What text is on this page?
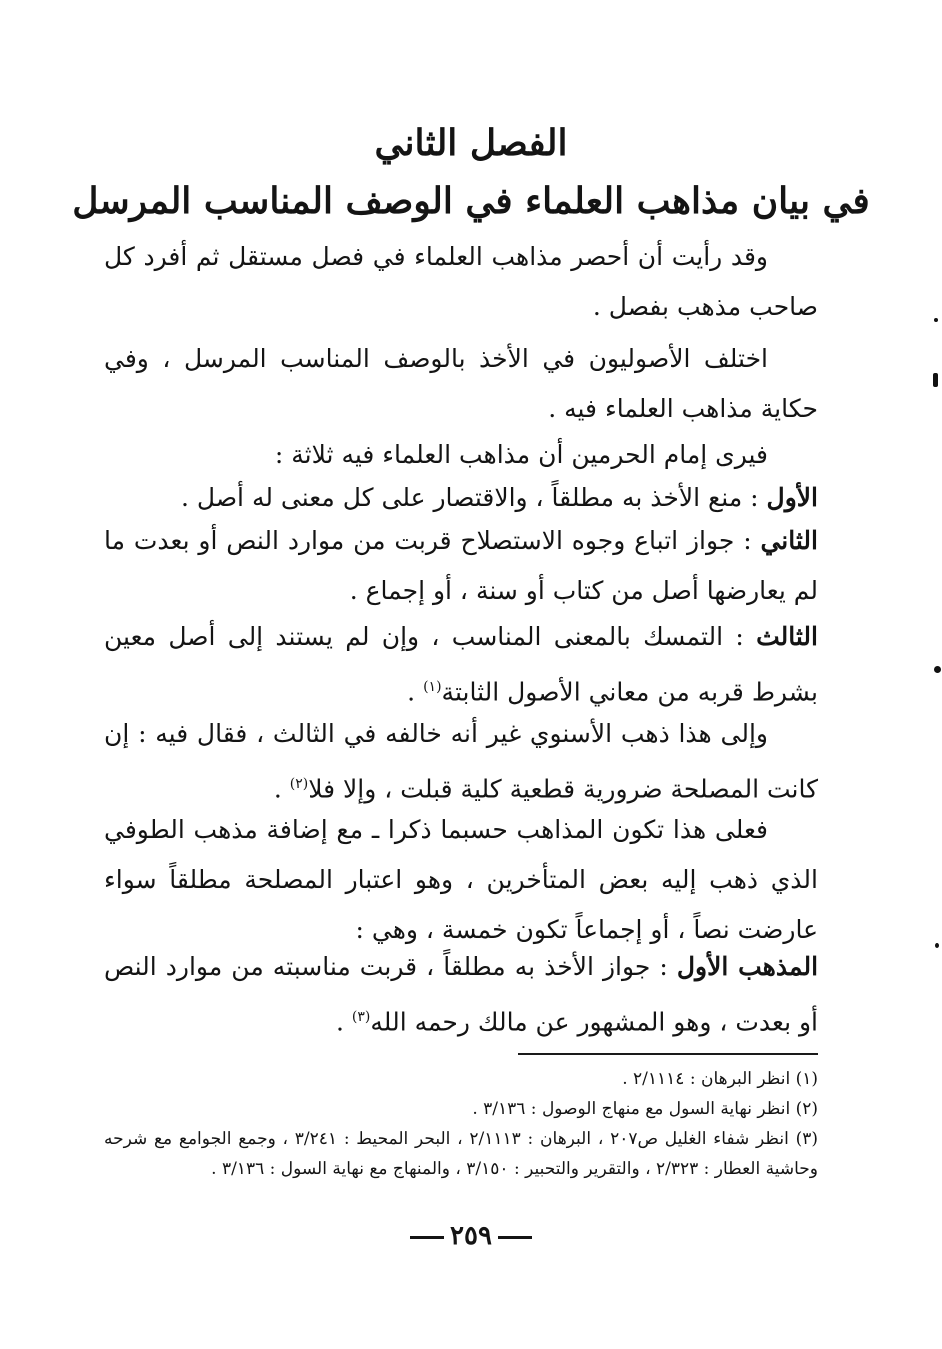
الفصل الثاني
في بيان مذاهب العلماء في الوصف المناسب المرسل

وقد رأيت أن أحصر مذاهب العلماء في فصل مستقل ثم أفرد كل صاحب مذهب بفصل .

اختلف الأصوليون في الأخذ بالوصف المناسب المرسل ، وفي حكاية مذاهب العلماء فيه .

فيرى إمام الحرمين أن مذاهب العلماء فيه ثلاثة :

الأول : منع الأخذ به مطلقاً ، والاقتصار على كل معنى له أصل .

الثاني : جواز اتباع وجوه الاستصلاح قربت من موارد النص أو بعدت ما لم يعارضها أصل من كتاب أو سنة ، أو إجماع .

الثالث : التمسك بالمعنى المناسب ، وإن لم يستند إلى أصل معين بشرط قربه من معاني الأصول الثابتة$^{(١)}$ .

وإلى هذا ذهب الأسنوي غير أنه خالفه في الثالث ، فقال فيه : إن كانت المصلحة ضرورية قطعية كلية قبلت ، وإلا فلا$^{(٢)}$ .

فعلى هذا تكون المذاهب حسبما ذكرا ـ مع إضافة مذهب الطوفي الذي ذهب إليه بعض المتأخرين ، وهو اعتبار المصلحة مطلقاً سواء عارضت نصاً ، أو إجماعاً تكون خمسة ، وهي :

المذهب الأول : جواز الأخذ به مطلقاً ، قربت مناسبته من موارد النص أو بعدت ، وهو المشهور عن مالك رحمه الله$^{(٣)}$ .

(١) انظر البرهان : ٢/١١١٤ .
(٢) انظر نهاية السول مع منهاج الوصول : ٣/١٣٦ .
(٣) انظر شفاء الغليل ص٢٠٧ ، البرهان : ٢/١١١٣ ، البحر المحيط : ٣/٢٤١ ، وجمع الجوامع مع شرحه وحاشية العطار : ٢/٣٢٣ ، والتقرير والتحبير : ٣/١٥٠ ، والمنهاج مع نهاية السول : ٣/١٣٦ .
٢٥٩
